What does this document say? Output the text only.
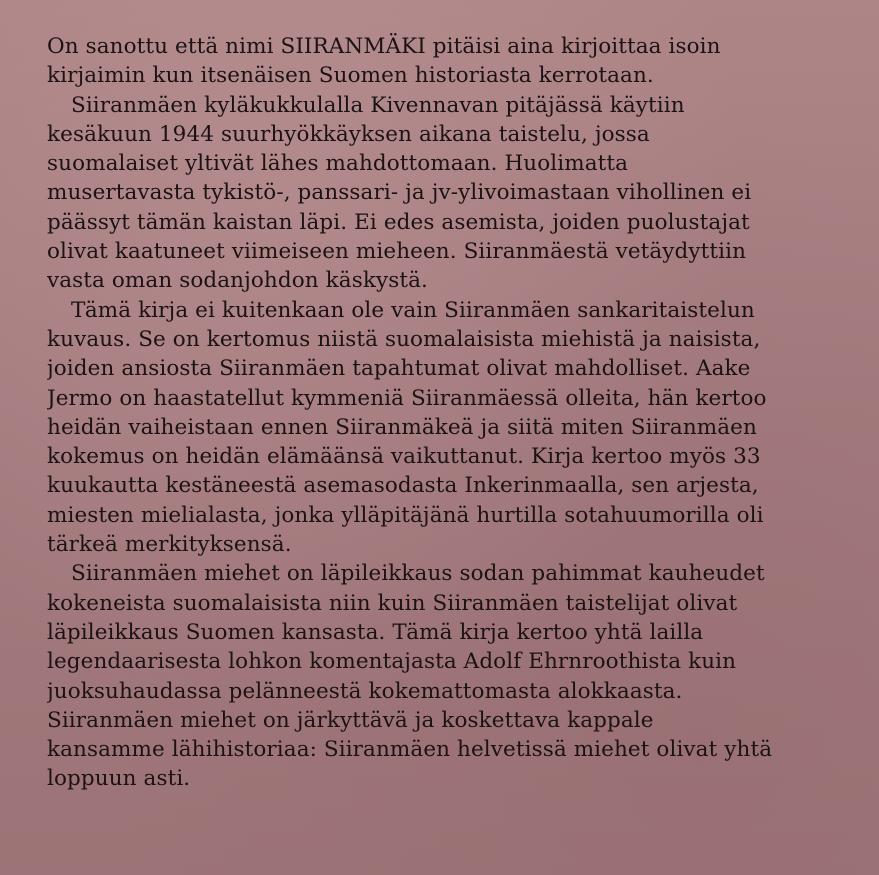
On sanottu että nimi SIIRANMÄKI pitäisi aina kirjoittaa isoin
kirjaimin kun itsenäisen Suomen historiasta kerrotaan.

Siiranmäen kyläkukkulalla Kivennavan pitäjässä käytiin
kesäkuun 1944 suurhyökkäyksen aikana taistelu, jossa
suomalaiset yltivät lähes mahdottomaan. Huolimatta
musertavasta tykistö-, panssari- ja jv-ylivoimastaan vihollinen ei
päässyt tämän kaistan läpi. Ei edes asemista, joiden puolustajat
olivat kaatuneet viimeiseen mieheen. Siiranmäestä vetäydyttiin
vasta oman sodanjohdon käskystä.

Tämä kirja ei kuitenkaan ole vain Siiranmäen sankaritaistelun
kuvaus. Se on kertomus niistä suomalaisista miehistä ja naisista,
joiden ansiosta Siiranmäen tapahtumat olivat mahdolliset. Aake
Jermo on haastatellut kymmeniä Siiranmäessä olleita, hän kertoo
heidän vaiheistaan ennen Siiranmäkeä ja siitä miten Siiranmäen
kokemus on heidän elämäänsä vaikuttanut. Kirja kertoo myös 33
kuukautta kestäneestä asemasodasta Inkerinmaalla, sen arjesta,
miesten mielialasta, jonka ylläpitäjänä hurtilla sotahuumorilla oli
tärkeä merkityksensä.

Siiranmäen miehet on läpileikkaus sodan pahimmat kauheudet
kokeneista suomalaisista niin kuin Siiranmäen taistelijat olivat
läpileikkaus Suomen kansasta. Tämä kirja kertoo yhtä lailla
legendaarisesta lohkon komentajasta Adolf Ehrnroothista kuin
juoksuhaudassa pelänneestä kokemattomasta alokkaasta.
Siiranmäen miehet on järkyttävä ja koskettava kappale
kansamme lähihistoriaa: Siiranmäen helvetissä miehet olivat yhtä
loppuun asti.
